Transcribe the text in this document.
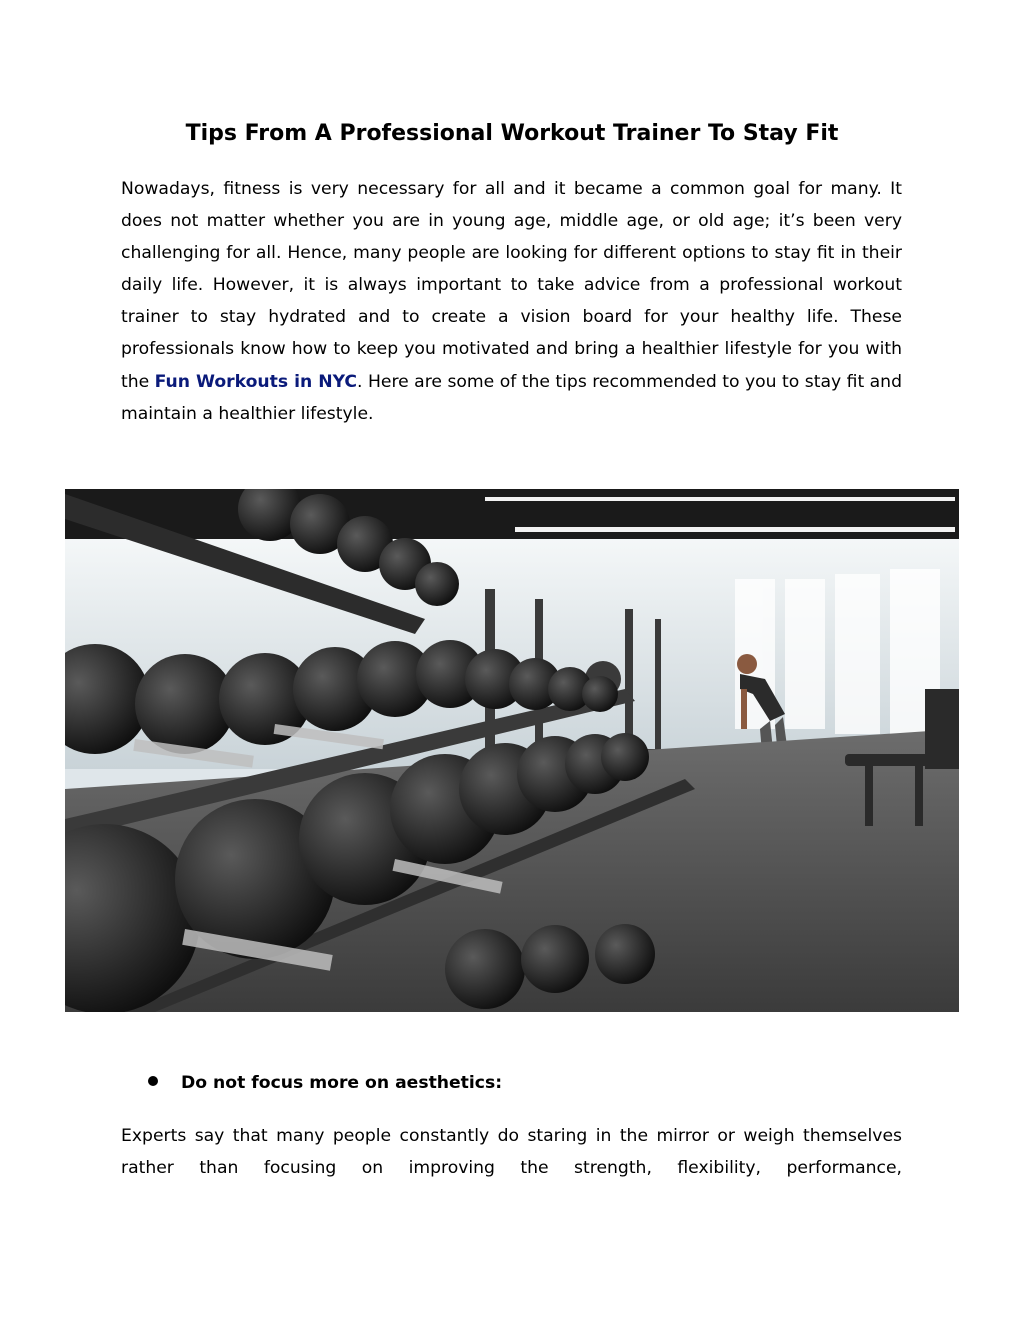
Tips From A Professional Workout Trainer To Stay Fit

Nowadays, fitness is very necessary for all and it became a common goal for many. It does not matter whether you are in young age, middle age, or old age; it’s been very challenging for all. Hence, many people are looking for different options to stay fit in their daily life. However, it is always important to take advice from a professional workout trainer to stay hydrated and to create a vision board for your healthy life. These professionals know how to keep you motivated and bring a healthier lifestyle for you with the Fun Workouts in NYC. Here are some of the tips recommended to you to stay fit and maintain a healthier lifestyle.

Do not focus more on aesthetics:

Experts say that many people constantly do staring in the mirror or weigh themselves rather than focusing on improving the strength, flexibility, performance,
